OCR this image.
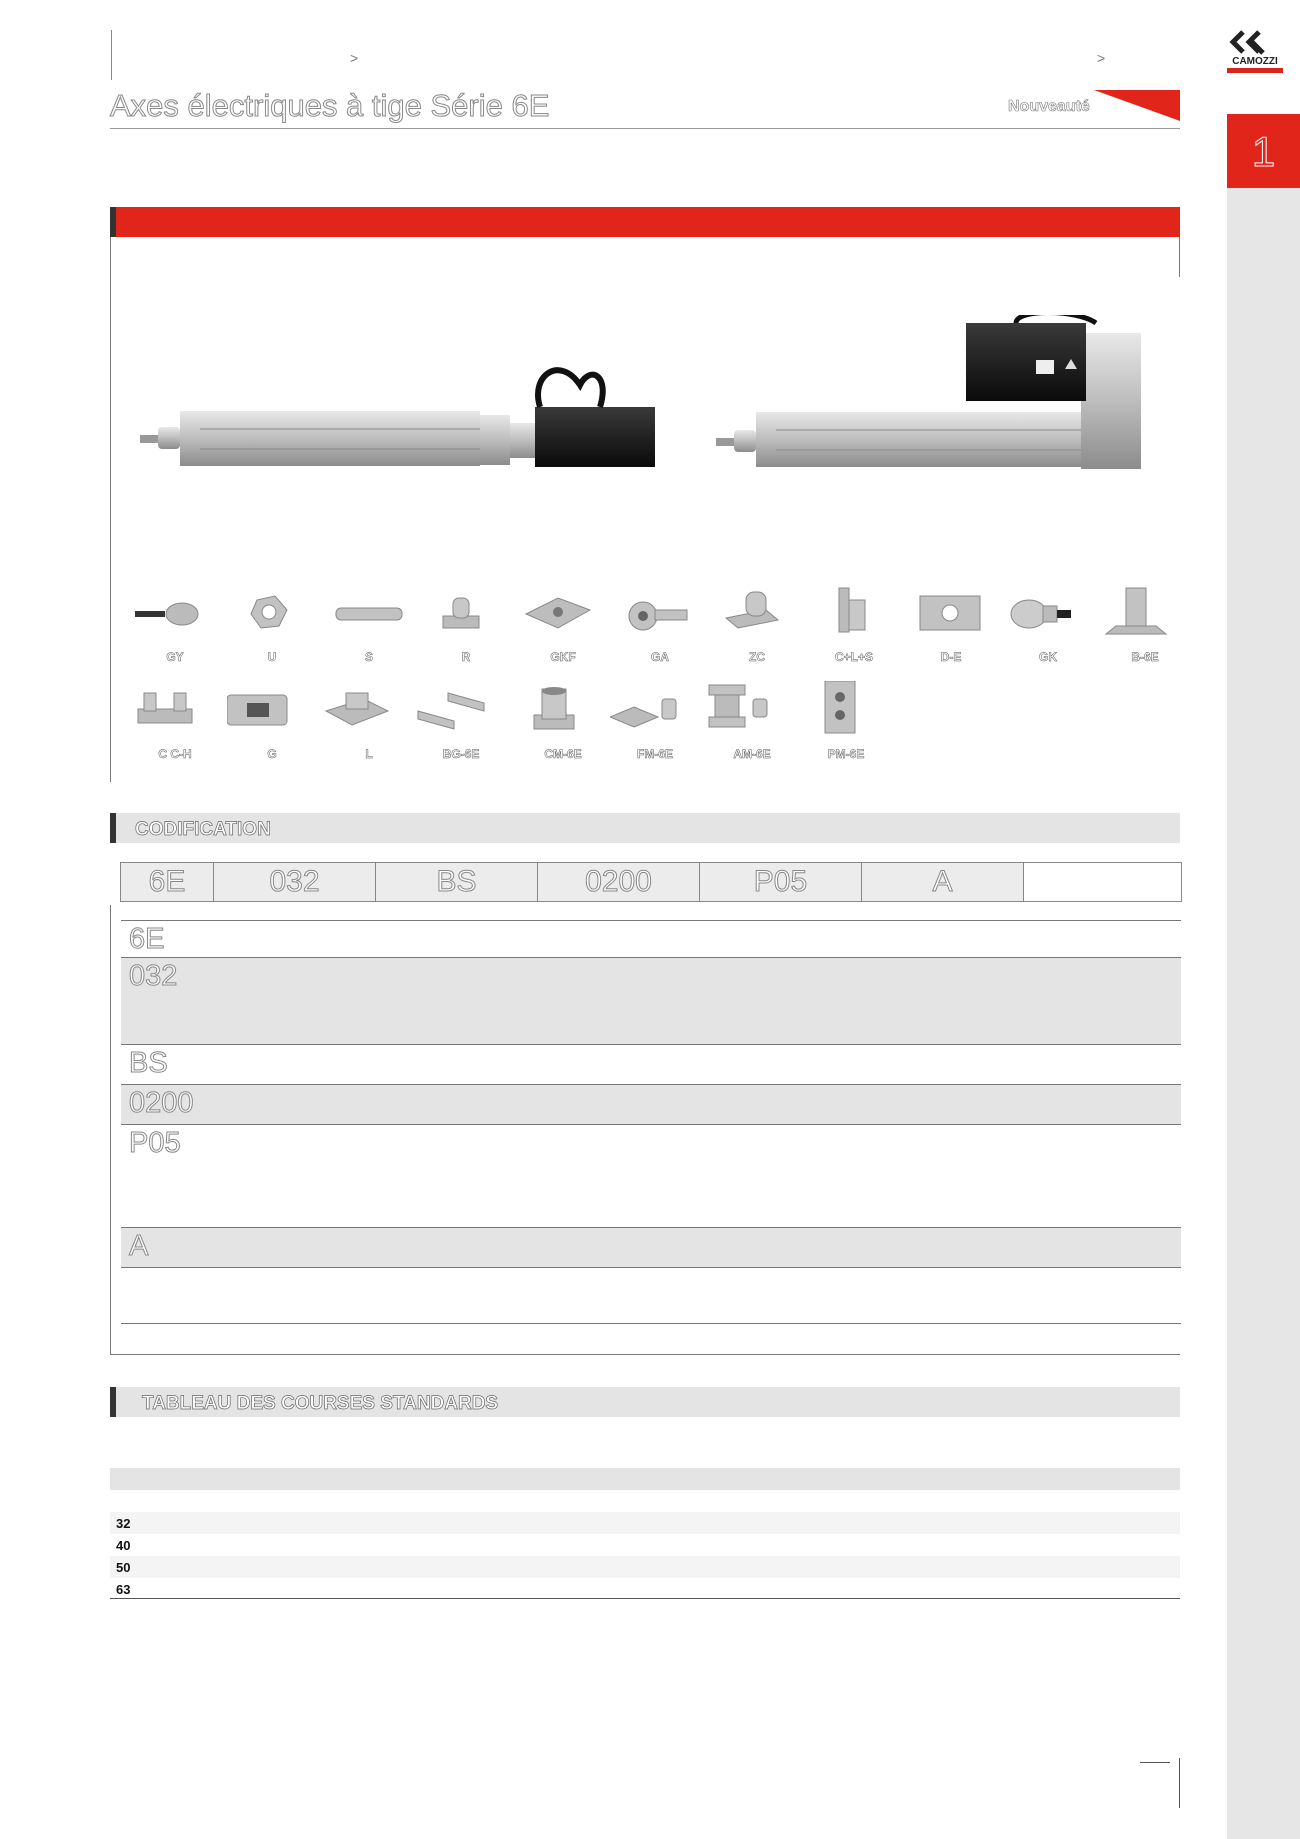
>	>
Axes électriques à tige Série 6E	Nouveauté
CAMOZZI
1
GY	U	S	R	GKF	GA	ZC	C+L+S	D-E	GK	B-6E
C C-H	G	L	BG-6E	CM-6E	FM-6E	AM-6E	PM-6E
CODIFICATION
6E	032	BS	0200	P05	A
6E
032
BS
0200
P05
A
TABLEAU DES COURSES STANDARDS
32
40
50
63
